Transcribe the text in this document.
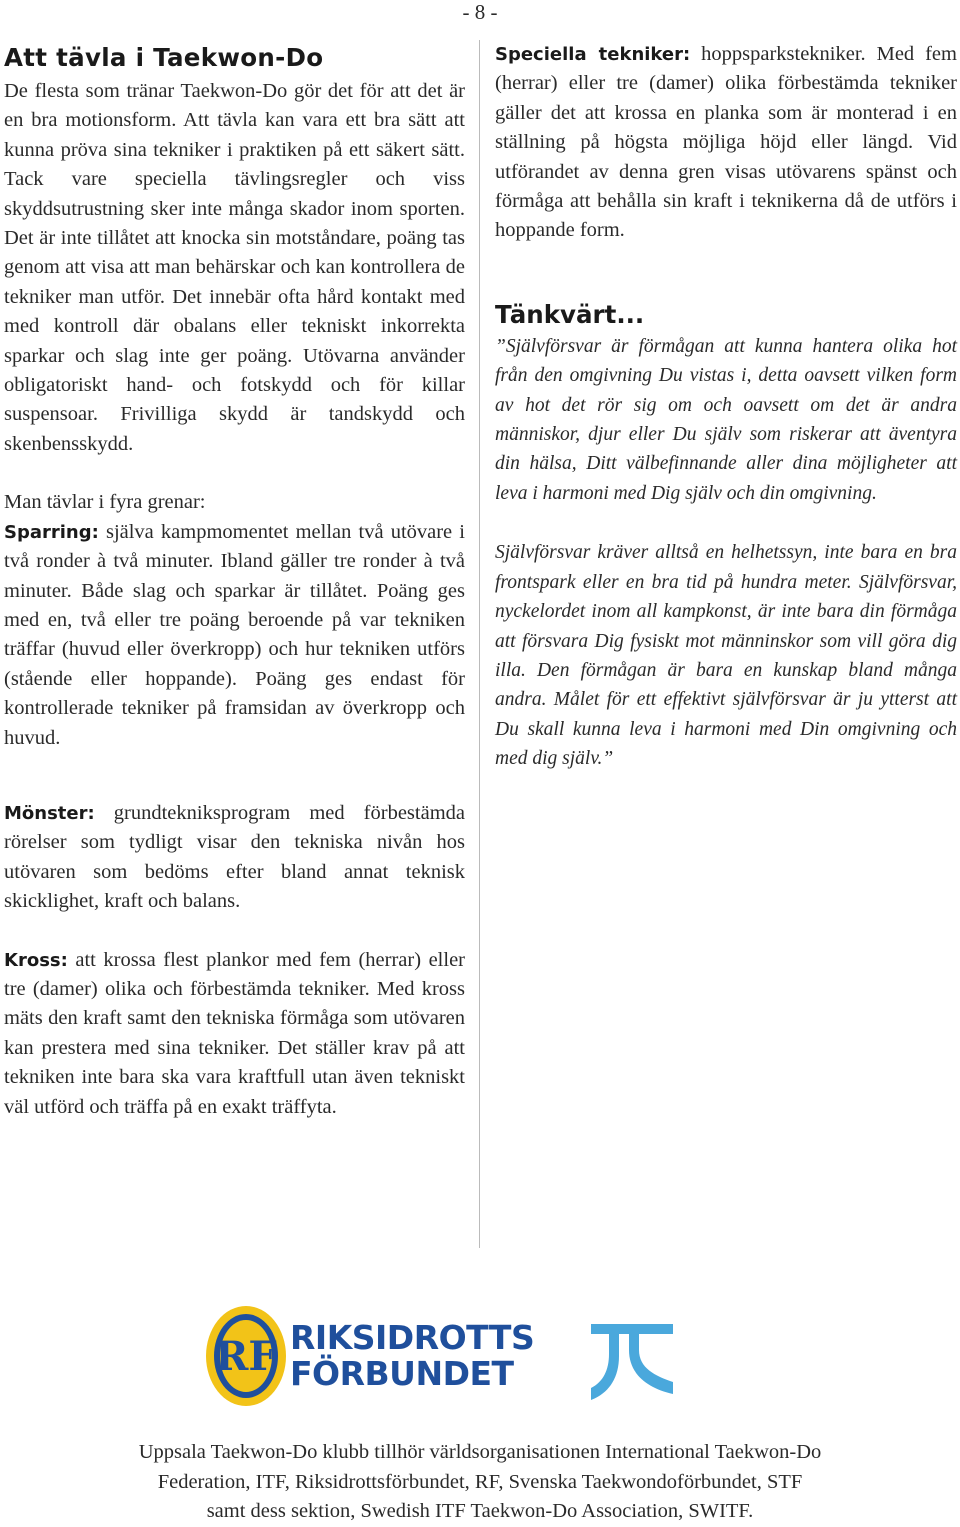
- 8 -
Att tävla i Taekwon-Do

De flesta som tränar Taekwon-Do gör det för att det är en bra motionsform. Att tävla kan vara ett bra sätt att kunna pröva sina tekniker i praktiken på ett säkert sätt. Tack vare speciella tävlingsregler och viss skyddsutrustning sker inte många skador inom sporten. Det är inte tillåtet att knocka sin motståndare, poäng tas genom att visa att man behärskar och kan kontrollera de tekniker man utför. Det innebär ofta hård kontakt med med kontroll där obalans eller tekniskt inkorrekta sparkar och slag inte ger poäng. Utövarna använder obligatoriskt hand- och fotskydd och för killar suspensoar. Frivilliga skydd är tandskydd och skenbensskydd.

Man tävlar i fyra grenar:

Sparring: själva kampmomentet mellan två utövare i två ronder à två minuter. Ibland gäller tre ronder à två minuter. Både slag och sparkar är tillåtet. Poäng ges med en, två eller tre poäng beroende på var tekniken träffar (huvud eller överkropp) och hur tekniken utförs (stående eller hoppande). Poäng ges endast för kontrollerade tekniker på framsidan av överkropp och huvud.

Mönster: grundtekniksprogram med förbestämda rörelser som tydligt visar den tekniska nivån hos utövaren som bedöms efter bland annat teknisk skicklighet, kraft och balans.

Kross: att krossa flest plankor med fem (herrar) eller tre (damer) olika och förbestämda tekniker. Med kross mäts den kraft samt den tekniska förmåga som utövaren kan prestera med sina tekniker. Det ställer krav på att tekniken inte bara ska vara kraftfull utan även tekniskt väl utförd och träffa på en exakt träffyta.

Speciella tekniker: hoppsparkstekniker. Med fem (herrar) eller tre (damer) olika förbestämda tekniker gäller det att krossa en planka som är monterad i en ställning på högsta möjliga höjd eller längd. Vid utförandet av denna gren visas utövarens spänst och förmåga att behålla sin kraft i teknikerna då de utförs i hoppande form.

Tänkvärt...

”Självförsvar är förmågan att kunna hantera olika hot från den omgivning Du vistas i, detta oavsett vilken form av hot det rör sig om och oavsett om det är andra människor, djur eller Du själv som riskerar att äventyra din hälsa, Ditt välbefinnande aller dina möjligheter att leva i harmoni med Dig själv och din omgivning.

Självförsvar kräver alltså en helhetssyn, inte bara en bra frontspark eller en bra tid på hundra meter. Självförsvar, nyckelordet inom all kampkonst, är inte bara din förmåga att försvara Dig fysiskt mot männinskor som vill göra dig illa. Den förmågan är bara en kunskap bland många andra. Målet för ett effektivt självförsvar är ju ytterst att Du skall kunna leva i harmoni med Din omgivning och med dig själv.”

RF RIKSIDROTTS
FÖRBUNDET
Uppsala Taekwon-Do klubb tillhör världsorganisationen International Taekwon-Do
Federation, ITF, Riksidrottsförbundet, RF, Svenska Taekwondoförbundet, STF
samt dess sektion, Swedish ITF Taekwon-Do Association, SWITF.
